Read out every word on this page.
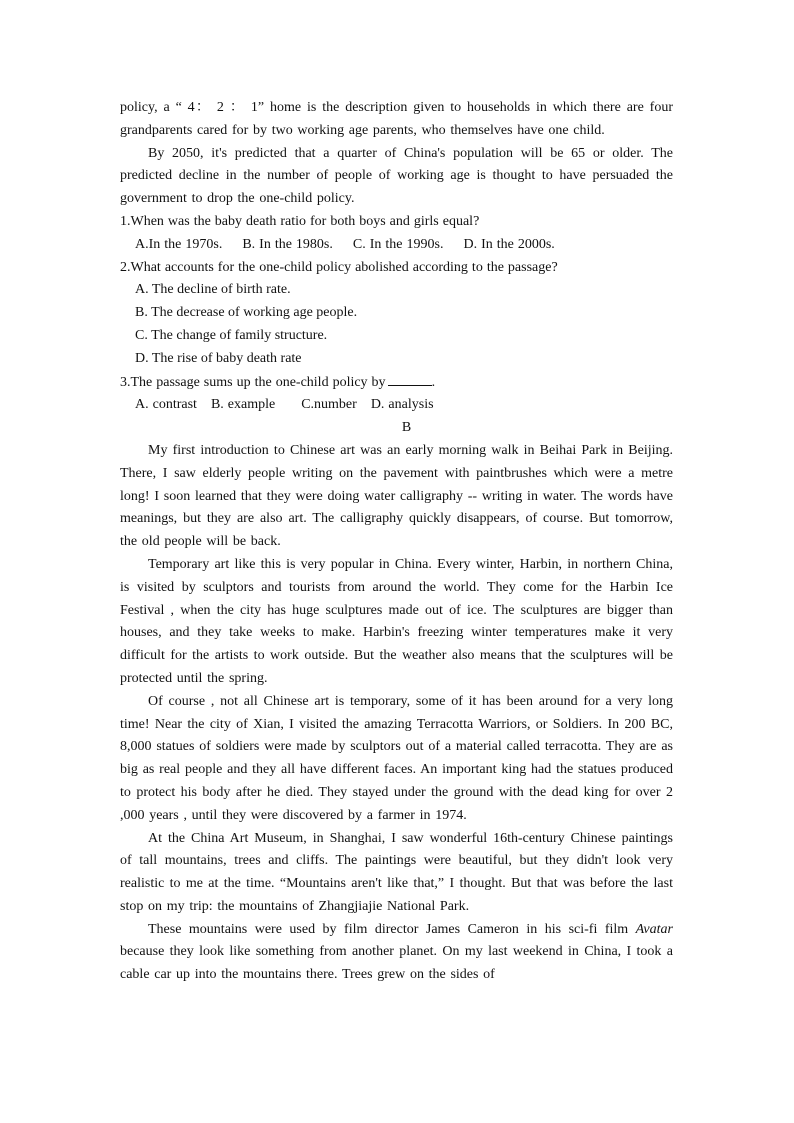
policy, a “ 4： 2 ： 1” home is the description given to households in which there are four grandparents cared for by two working age parents, who themselves have one child.

By 2050, it's predicted that a quarter of China's population will be 65 or older. The predicted decline in the number of people of working age is thought to have persuaded the government to drop the one-child policy.

1.When was the baby death ratio for both boys and girls equal?

A.In the 1970s. B. In the 1980s. C. In the 1990s. D. In the 2000s.

2.What accounts for the one-child policy abolished according to the passage?

A. The decline of birth rate.

B. The decrease of working age people.

C. The change of family structure.

D. The rise of baby death rate

3.The passage sums up the one-child policy by	.

A. contrast B. example C.number D. analysis

B

My first introduction to Chinese art was an early morning walk in Beihai Park in Beijing. There, I saw elderly people writing on the pavement with paintbrushes which were a metre long! I soon learned that they were doing water calligraphy -- writing in water. The words have meanings, but they are also art. The calligraphy quickly disappears, of course. But tomorrow, the old people will be back.

Temporary art like this is very popular in China. Every winter, Harbin, in northern China, is visited by sculptors and tourists from around the world. They come for the Harbin Ice Festival , when the city has huge sculptures made out of ice. The sculptures are bigger than houses, and they take weeks to make. Harbin's freezing winter temperatures make it very difficult for the artists to work outside. But the weather also means that the sculptures will be protected until the spring.

Of course , not all Chinese art is temporary, some of it has been around for a very long time! Near the city of Xian, I visited the amazing Terracotta Warriors, or Soldiers. In 200 BC, 8,000 statues of soldiers were made by sculptors out of a material called terracotta. They are as big as real people and they all have different faces. An important king had the statues produced to protect his body after he died. They stayed under the ground with the dead king for over 2 ,000 years , until they were discovered by a farmer in 1974.

At the China Art Museum, in Shanghai, I saw wonderful 16th-century Chinese paintings of tall mountains, trees and cliffs. The paintings were beautiful, but they didn't look very realistic to me at the time. “Mountains aren't like that,” I thought. But that was before the last stop on my trip: the mountains of Zhangjiajie National Park.

These mountains were used by film director James Cameron in his sci-fi film Avatar because they look like something from another planet. On my last weekend in China, I took a cable car up into the mountains there. Trees grew on the sides of
